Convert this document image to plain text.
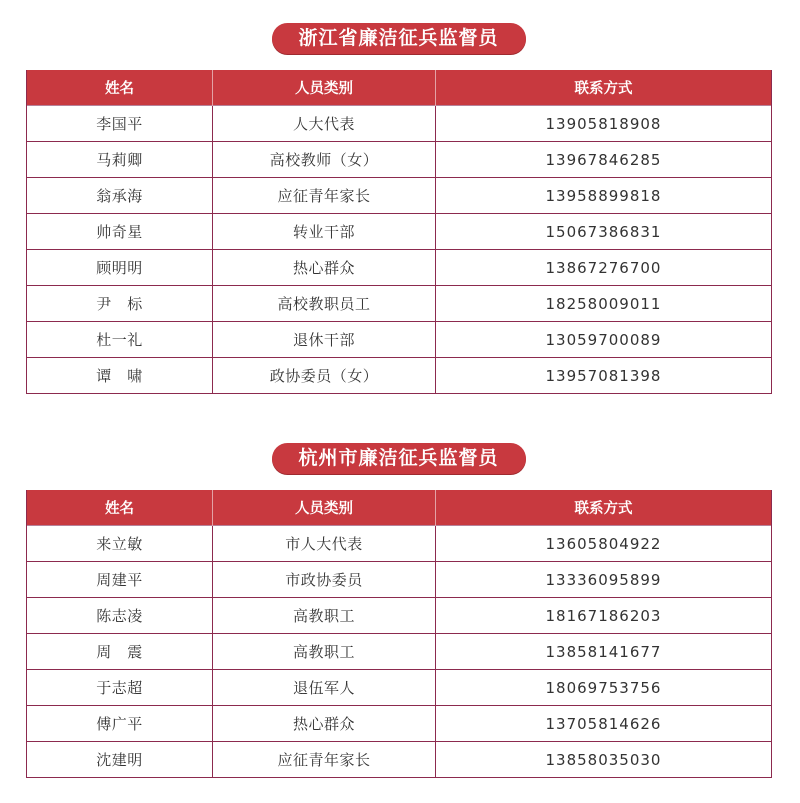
浙江省廉洁征兵监督员
姓名	人员类别	联系方式
李国平	人大代表	13905818908
马莉卿	高校教师（女）	13967846285
翁承海	应征青年家长	13958899818
帅奇星	转业干部	15067386831
顾明明	热心群众	13867276700
尹　标	高校教职员工	18258009011
杜一礼	退休干部	13059700089
谭　啸	政协委员（女）	13957081398
杭州市廉洁征兵监督员
姓名	人员类别	联系方式
来立敏	市人大代表	13605804922
周建平	市政协委员	13336095899
陈志凌	高教职工	18167186203
周　震	高教职工	13858141677
于志超	退伍军人	18069753756
傅广平	热心群众	13705814626
沈建明	应征青年家长	13858035030
